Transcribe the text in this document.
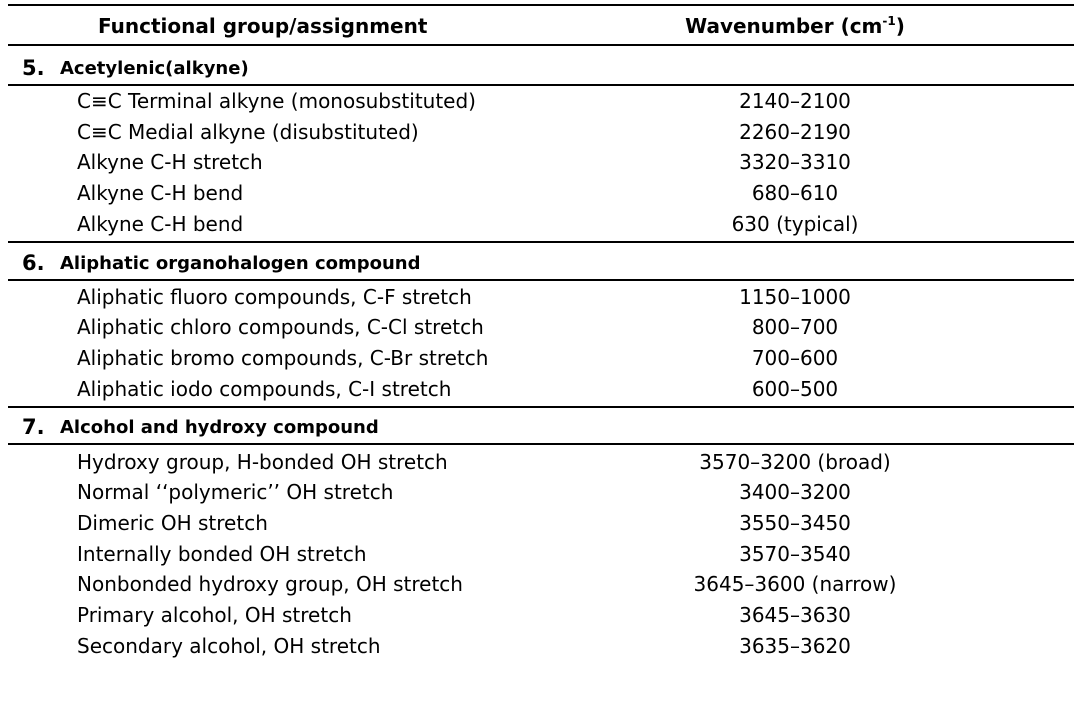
Functional group/assignment	Wavenumber $(cm^{-1})$
5. Acetylenic(alkyne)
C≡C Terminal alkyne (monosubstituted)	2140–2100
C≡C Medial alkyne (disubstituted)	2260–2190
Alkyne C-H stretch	3320–3310
Alkyne C-H bend	680–610
Alkyne C-H bend	630 (typical)
6. Aliphatic organohalogen compound
Aliphatic fluoro compounds, C-F stretch	1150–1000
Aliphatic chloro compounds, C-Cl stretch	800–700
Aliphatic bromo compounds, C-Br stretch	700–600
Aliphatic iodo compounds, C-I stretch	600–500
7. Alcohol and hydroxy compound
Hydroxy group, H-bonded OH stretch	3570–3200 (broad)
Normal ‘‘polymeric’’ OH stretch	3400–3200
Dimeric OH stretch	3550–3450
Internally bonded OH stretch	3570–3540
Nonbonded hydroxy group, OH stretch	3645–3600 (narrow)
Primary alcohol, OH stretch	3645–3630
Secondary alcohol, OH stretch	3635–3620
